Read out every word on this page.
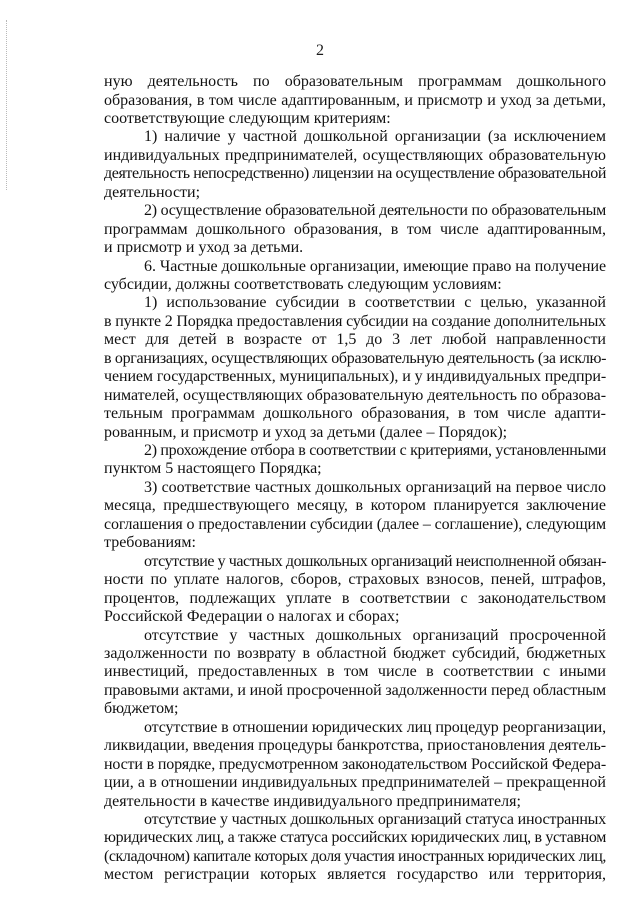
2
ную деятельность по образовательным программам дошкольного
образования, в том числе адаптированным, и присмотр и уход за детьми,
соответствующие следующим критериям:
1) наличие у частной дошкольной организации (за исключением
индивидуальных предпринимателей, осуществляющих образовательную
деятельность непосредственно) лицензии на осуществление образовательной
деятельности;
2) осуществление образовательной деятельности по образовательным
программам дошкольного образования, в том числе адаптированным,
и присмотр и уход за детьми.
6. Частные дошкольные организации, имеющие право на получение
субсидии, должны соответствовать следующим условиям:
1) использование субсидии в соответствии с целью, указанной
в пункте 2 Порядка предоставления субсидии на создание дополнительных
мест для детей в возрасте от 1,5 до 3 лет любой направленности
в организациях, осуществляющих образовательную деятельность (за исклю-
чением государственных, муниципальных), и у индивидуальных предпри-
нимателей, осуществляющих образовательную деятельность по образова-
тельным программам дошкольного образования, в том числе адапти-
рованным, и присмотр и уход за детьми (далее – Порядок);
2) прохождение отбора в соответствии с критериями, установленными
пунктом 5 настоящего Порядка;
3) соответствие частных дошкольных организаций на первое число
месяца, предшествующего месяцу, в котором планируется заключение
соглашения о предоставлении субсидии (далее – соглашение), следующим
требованиям:
отсутствие у частных дошкольных организаций неисполненной обязан-
ности по уплате налогов, сборов, страховых взносов, пеней, штрафов,
процентов, подлежащих уплате в соответствии с законодательством
Российской Федерации о налогах и сборах;
отсутствие у частных дошкольных организаций просроченной
задолженности по возврату в областной бюджет субсидий, бюджетных
инвестиций, предоставленных в том числе в соответствии с иными
правовыми актами, и иной просроченной задолженности перед областным
бюджетом;
отсутствие в отношении юридических лиц процедур реорганизации,
ликвидации, введения процедуры банкротства, приостановления деятель-
ности в порядке, предусмотренном законодательством Российской Федера-
ции, а в отношении индивидуальных предпринимателей – прекращенной
деятельности в качестве индивидуального предпринимателя;
отсутствие у частных дошкольных организаций статуса иностранных
юридических лиц, а также статуса российских юридических лиц, в уставном
(складочном) капитале которых доля участия иностранных юридических лиц,
местом регистрации которых является государство или территория,
